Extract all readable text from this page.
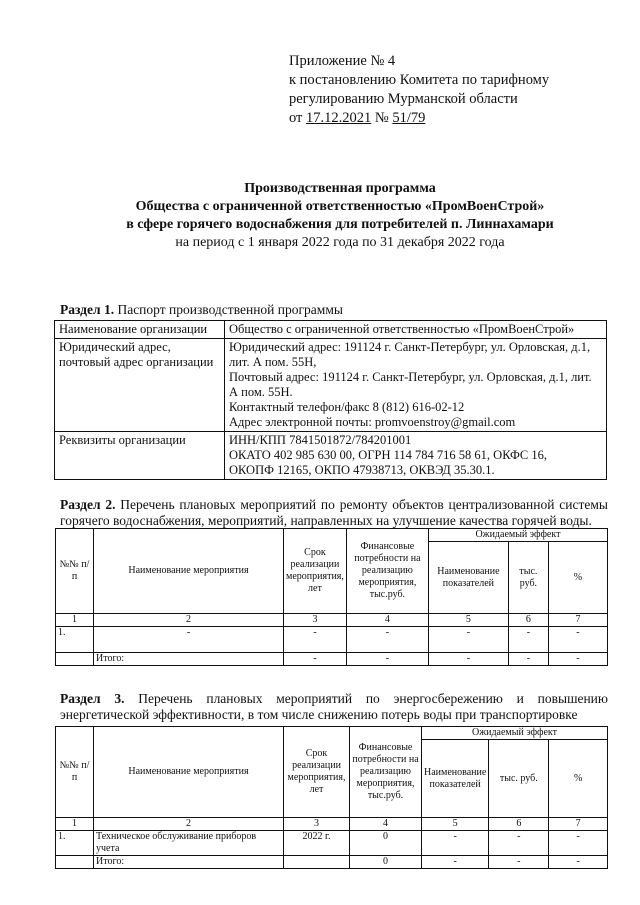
Приложение № 4
к постановлению Комитета по тарифному
регулированию Мурманской области
от 17.12.2021 № 51/79
Производственная программа
Общества с ограниченной ответственностью «ПромВоенСтрой»
в сфере горячего водоснабжения для потребителей п. Линнахамари
на период с 1 января 2022 года по 31 декабря 2022 года
Раздел 1. Паспорт производственной программы
Наименование организации	Общество с ограниченной ответственностью «ПромВоенСтрой»
Юридический адрес, почтовый адрес организации	Юридический адрес: 191124 г. Санкт-Петербург, ул. Орловская, д.1, лит. А пом. 55Н,
Почтовый адрес: 191124 г. Санкт-Петербург, ул. Орловская, д.1, лит. А пом. 55Н.
Контактный телефон/факс 8 (812) 616-02-12
Адрес электронной почты: promvoenstroy@gmail.com

Реквизиты организации	ИНН/КПП 7841501872/784201001
ОКАТО 402 985 630 00, ОГРН 114 784 716 58 61, ОКФС 16,
ОКОПФ 12165, ОКПО 47938713, ОКВЭД 35.30.1.
Раздел 2. Перечень плановых мероприятий по ремонту объектов централизованной системы горячего водоснабжения, мероприятий, направленных на улучшение качества горячей воды.
№№ п/п	Наименование мероприятия	Срок реализации мероприятия, лет	Финансовые потребности на реализацию мероприятия, тыс.руб.	Ожидаемый эффект		
				Наименование показателей	тыс. руб.	%
1	2	3	4	5	6	7
1.	-	-	-	-	-	-
	Итого:	-	-	-	-	-
Раздел 3. Перечень плановых мероприятий по энергосбережению и повышению энергетической эффективности, в том числе снижению потерь воды при транспортировке
№№ п/п	Наименование мероприятия	Срок реализации мероприятия, лет	Финансовые потребности на реализацию мероприятия, тыс.руб.	Ожидаемый эффект		
				Наименование показателей	тыс. руб.	%
1	2	3	4	5	6	7
1.	Техническое обслуживание приборов учета	2022 г.	0	-	-	-
	Итого:		0	-	-	-
